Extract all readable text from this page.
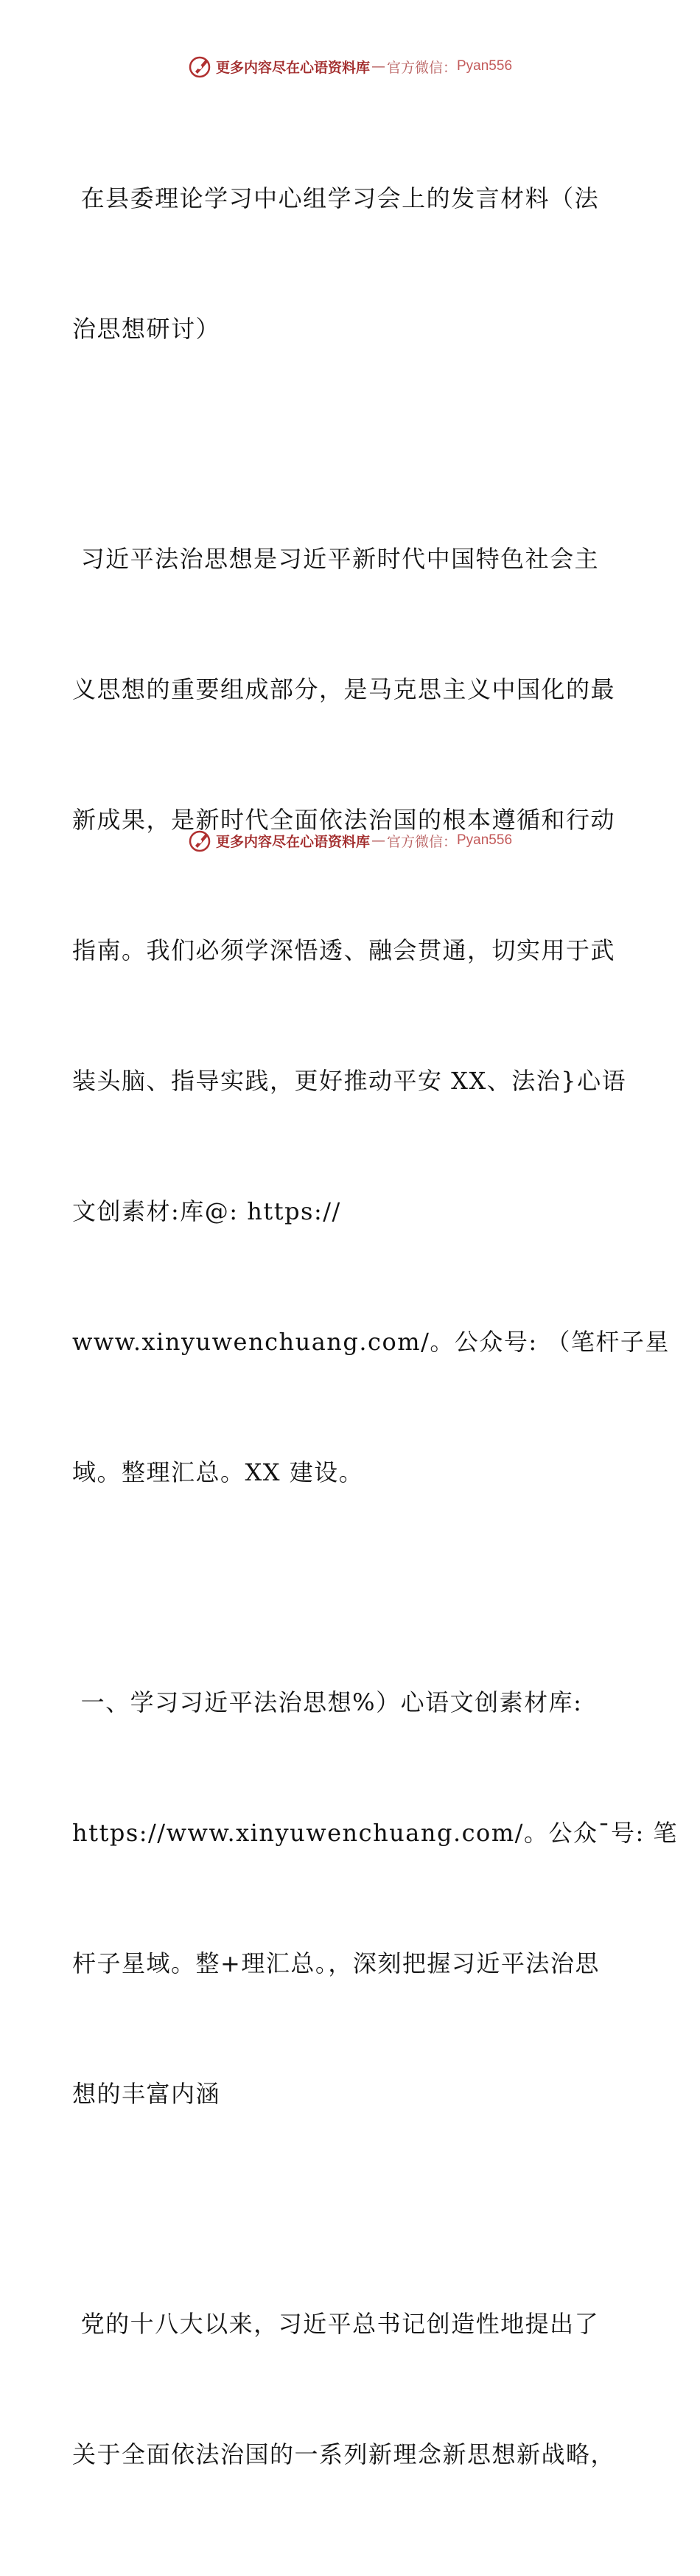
更多内容尽在心语资料库 — 官方微信： Pyan556

在县委理论学习中心组学习会上的发言材料（法

治思想研讨）

习近平法治思想是习近平新时代中国特色社会主

义思想的重要组成部分，是马克思主义中国化的最

新成果，是新时代全面依法治国的根本遵循和行动

指南。我们必须学深悟透、融会贯通，切实用于武

装头脑、指导实践，更好推动平安 XX、法治}心语

文创素材:库@: https://

www.xinyuwenchuang.com/。公众号: （笔杆子星

域。整理汇总。XX 建设。

一、学习习近平法治思想%）心语文创素材库:

https://www.xinyuwenchuang.com/。公众¯号: 笔

杆子星域。整+理汇总。，深刻把握习近平法治思

想的丰富内涵

党的十八大以来，习近平总书记创造性地提出了

关于全面依法治国的一系列新理念新思想新战略，

更多内容尽在心语资料库 — 官方微信： Pyan556
